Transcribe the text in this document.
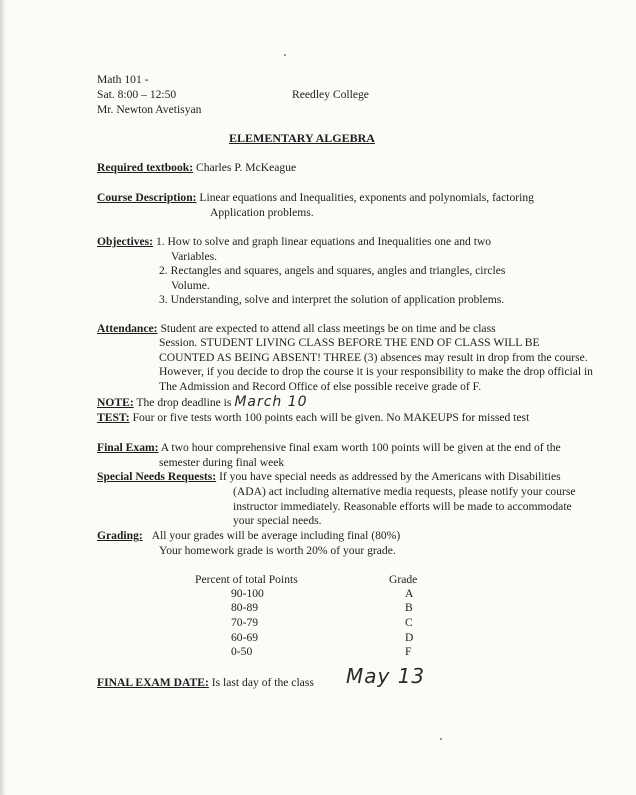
Math 101 -
Sat. 8:00 – 12:50
Mr. Newton Avetisyan
Reedley College
ELEMENTARY ALGEBRA
Required textbook: Charles P. McKeague
Course Description: Linear equations and Inequalities, exponents and polynomials, factoring
Application problems.
Objectives: 1. How to solve and graph linear equations and Inequalities one and two
Variables.
2. Rectangles and squares, angels and squares, angles and triangles, circles
Volume.
3. Understanding, solve and interpret the solution of application problems.
Attendance: Student are expected to attend all class meetings be on time and be class
Session. STUDENT LIVING CLASS BEFORE THE END OF CLASS WILL BE
COUNTED AS BEING ABSENT! THREE (3) absences may result in drop from the course.
However, if you decide to drop the course it is your responsibility to make the drop official in
The Admission and Record Office of else possible receive grade of F.
NOTE: The drop deadline is March 10
TEST: Four or five tests worth 100 points each will be given. No MAKEUPS for missed test
Final Exam: A two hour comprehensive final exam worth 100 points will be given at the end of the
semester during final week
Special Needs Requests: If you have special needs as addressed by the Americans with Disabilities
(ADA) act including alternative media requests, please notify your course
instructor immediately. Reasonable efforts will be made to accommodate
your special needs.
Grading: All your grades will be average including final (80%)
Your homework grade is worth 20% of your grade.
Percent of total Points	Grade
90-100	A
80-89	B
70-79	C
60-69	D
0-50	F
FINAL EXAM DATE: Is last day of the class May 13
